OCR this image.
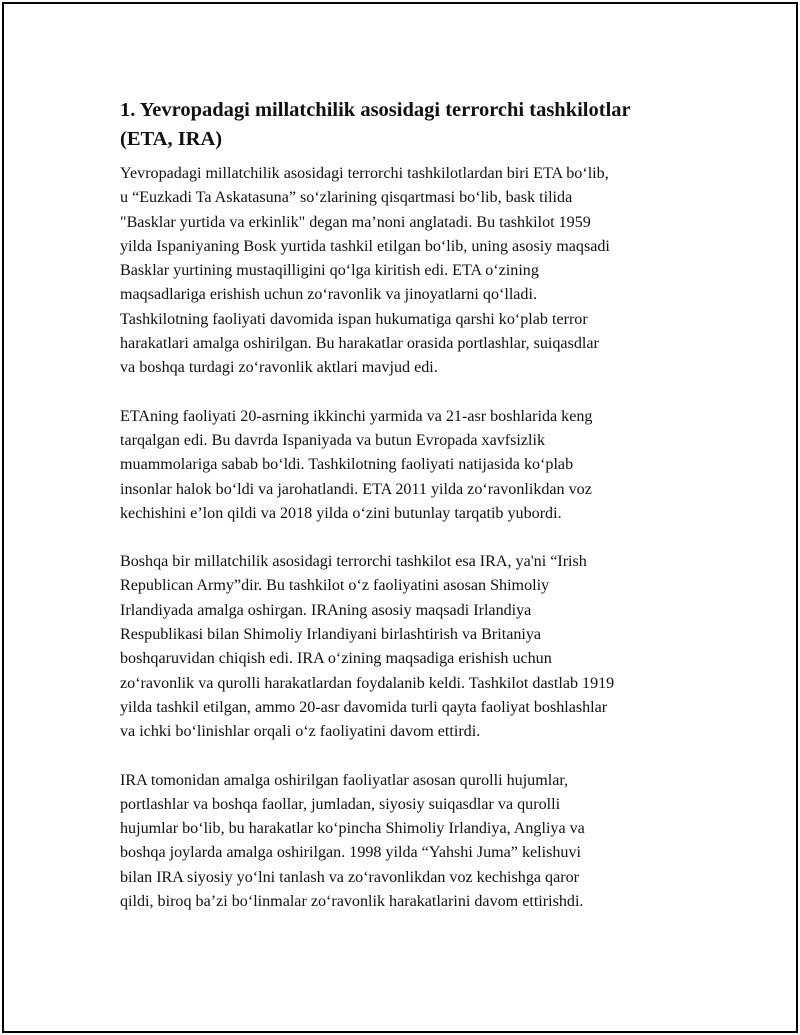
1. Yevropadagi millatchilik asosidagi terrorchi tashkilotlar
(ETA, IRA)

Yevropadagi millatchilik asosidagi terrorchi tashkilotlardan biri ETA bo‘lib,
u “Euzkadi Ta Askatasuna” so‘zlarining qisqartmasi bo‘lib, bask tilida
"Basklar yurtida va erkinlik" degan ma’noni anglatadi. Bu tashkilot 1959
yilda Ispaniyaning Bosk yurtida tashkil etilgan bo‘lib, uning asosiy maqsadi
Basklar yurtining mustaqilligini qo‘lga kiritish edi. ETA o‘zining
maqsadlariga erishish uchun zo‘ravonlik va jinoyatlarni qo‘lladi.
Tashkilotning faoliyati davomida ispan hukumatiga qarshi ko‘plab terror
harakatlari amalga oshirilgan. Bu harakatlar orasida portlashlar, suiqasdlar
va boshqa turdagi zo‘ravonlik aktlari mavjud edi.

ETAning faoliyati 20-asrning ikkinchi yarmida va 21-asr boshlarida keng
tarqalgan edi. Bu davrda Ispaniyada va butun Evropada xavfsizlik
muammolariga sabab bo‘ldi. Tashkilotning faoliyati natijasida ko‘plab
insonlar halok bo‘ldi va jarohatlandi. ETA 2011 yilda zo‘ravonlikdan voz
kechishini e’lon qildi va 2018 yilda o‘zini butunlay tarqatib yubordi.

Boshqa bir millatchilik asosidagi terrorchi tashkilot esa IRA, ya'ni “Irish
Republican Army”dir. Bu tashkilot o‘z faoliyatini asosan Shimoliy
Irlandiyada amalga oshirgan. IRAning asosiy maqsadi Irlandiya
Respublikasi bilan Shimoliy Irlandiyani birlashtirish va Britaniya
boshqaruvidan chiqish edi. IRA o‘zining maqsadiga erishish uchun
zo‘ravonlik va qurolli harakatlardan foydalanib keldi. Tashkilot dastlab 1919
yilda tashkil etilgan, ammo 20-asr davomida turli qayta faoliyat boshlashlar
va ichki bo‘linishlar orqali o‘z faoliyatini davom ettirdi.

IRA tomonidan amalga oshirilgan faoliyatlar asosan qurolli hujumlar,
portlashlar va boshqa faollar, jumladan, siyosiy suiqasdlar va qurolli
hujumlar bo‘lib, bu harakatlar ko‘pincha Shimoliy Irlandiya, Angliya va
boshqa joylarda amalga oshirilgan. 1998 yilda “Yahshi Juma” kelishuvi
bilan IRA siyosiy yo‘lni tanlash va zo‘ravonlikdan voz kechishga qaror
qildi, biroq ba’zi bo‘linmalar zo‘ravonlik harakatlarini davom ettirishdi.
